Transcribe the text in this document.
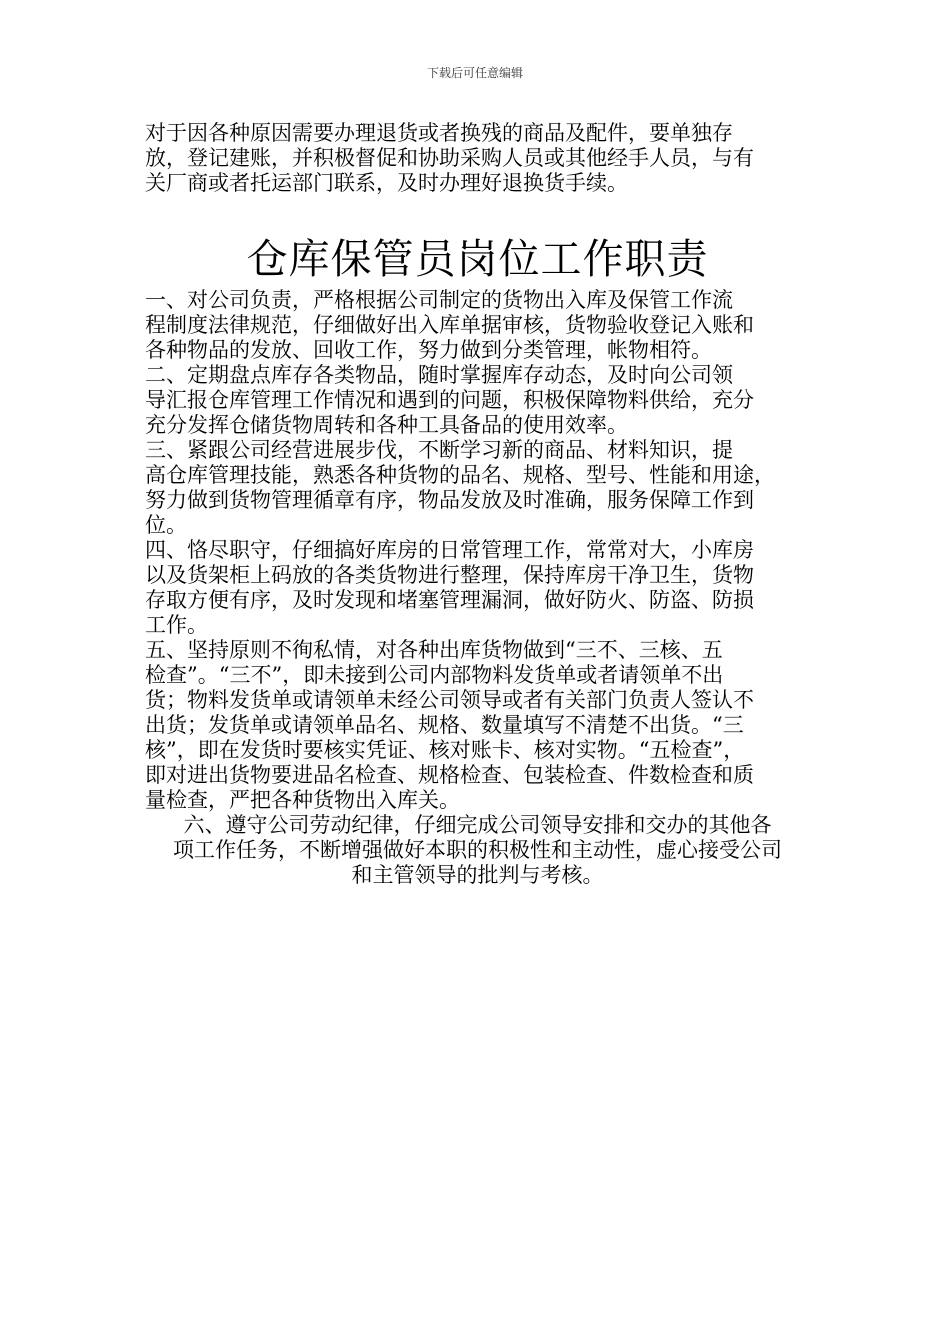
下载后可任意编辑
对于因各种原因需要办理退货或者换残的商品及配件，要单独存
放，登记建账，并积极督促和协助采购人员或其他经手人员，与有
关厂商或者托运部门联系，及时办理好退换货手续。
仓库保管员岗位工作职责
一、对公司负责，严格根据公司制定的货物出入库及保管工作流
程制度法律规范，仔细做好出入库单据审核，货物验收登记入账和
各种物品的发放、回收工作，努力做到分类管理，帐物相符。
二、定期盘点库存各类物品，随时掌握库存动态，及时向公司领
导汇报仓库管理工作情况和遇到的问题，积极保障物料供给，充分
充分发挥仓储货物周转和各种工具备品的使用效率。
三、紧跟公司经营进展步伐，不断学习新的商品、材料知识，提
高仓库管理技能，熟悉各种货物的品名、规格、型号、性能和用途，
努力做到货物管理循章有序，物品发放及时准确，服务保障工作到
位。
四、恪尽职守，仔细搞好库房的日常管理工作，常常对大，小库房
以及货架柜上码放的各类货物进行整理，保持库房干净卫生，货物
存取方便有序，及时发现和堵塞管理漏洞，做好防火、防盗、防损
工作。
五、坚持原则不徇私情，对各种出库货物做到“三不、三核、五
检查”。“三不”，即未接到公司内部物料发货单或者请领单不出
货；物料发货单或请领单未经公司领导或者有关部门负责人签认不
出货；发货单或请领单品名、规格、数量填写不清楚不出货。“三
核”，即在发货时要核实凭证、核对账卡、核对实物。“五检查”，
即对进出货物要进品名检查、规格检查、包装检查、件数检查和质
量检查，严把各种货物出入库关。
六、遵守公司劳动纪律，仔细完成公司领导安排和交办的其他各
项工作任务，不断增强做好本职的积极性和主动性，虚心接受公司
和主管领导的批判与考核。
